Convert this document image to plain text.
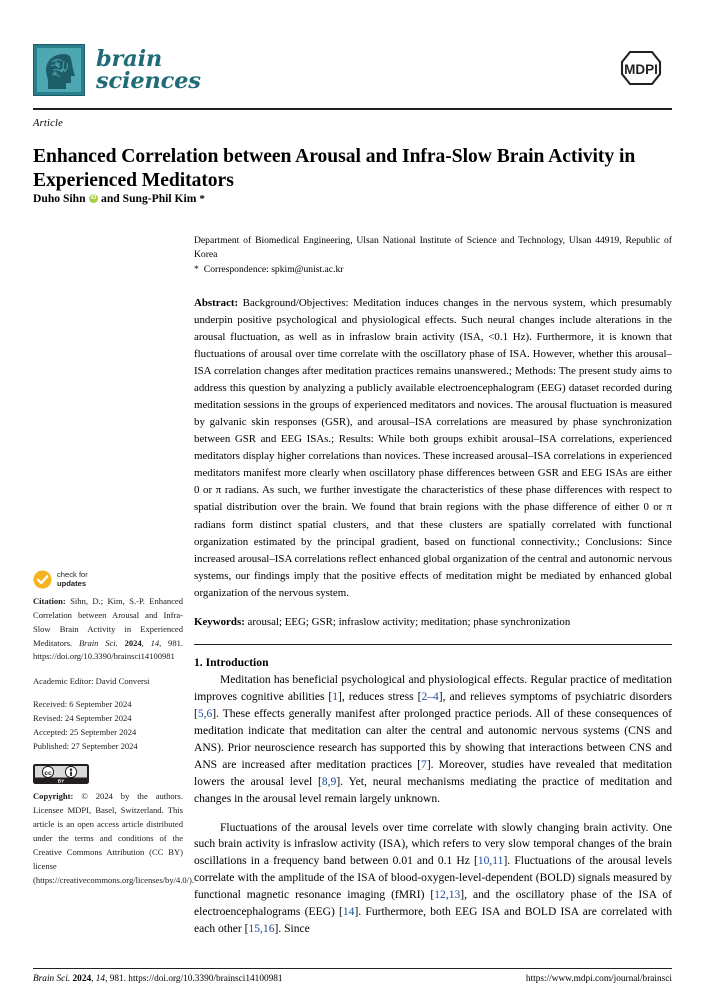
brain
sciences	MDPI
Article
Enhanced Correlation between Arousal and Infra-Slow Brain Activity in Experienced Meditators
Duho Sihn iD and Sung-Phil Kim *
Department of Biomedical Engineering, Ulsan National Institute of Science and Technology, Ulsan 44919, Republic of Korea
* Correspondence: spkim@unist.ac.kr
Abstract: Background/Objectives: Meditation induces changes in the nervous system, which presumably underpin positive psychological and physiological effects. Such neural changes include alterations in the arousal fluctuation, as well as in infraslow brain activity (ISA, <0.1 Hz). Furthermore, it is known that fluctuations of arousal over time correlate with the oscillatory phase of ISA. However, whether this arousal–ISA correlation changes after meditation practices remains unanswered.; Methods: The present study aims to address this question by analyzing a publicly available electroencephalogram (EEG) dataset recorded during meditation sessions in the groups of experienced meditators and novices. The arousal fluctuation is measured by galvanic skin responses (GSR), and arousal–ISA correlations are measured by phase synchronization between GSR and EEG ISAs.; Results: While both groups exhibit arousal–ISA correlations, experienced meditators display higher correlations than novices. These increased arousal–ISA correlations in experienced meditators manifest more clearly when oscillatory phase differences between GSR and EEG ISAs are either 0 or π radians. As such, we further investigate the characteristics of these phase differences with respect to spatial distribution over the brain. We found that brain regions with the phase difference of either 0 or π radians form distinct spatial clusters, and that these clusters are spatially correlated with functional organization estimated by the principal gradient, based on functional connectivity.; Conclusions: Since increased arousal–ISA correlations reflect enhanced global organization of the central and autonomic nervous systems, our findings imply that the positive effects of meditation might be mediated by enhanced global organization of the nervous system.
Keywords: arousal; EEG; GSR; infraslow activity; meditation; phase synchronization
1. Introduction

Meditation has beneficial psychological and physiological effects. Regular practice of meditation improves cognitive abilities [1], reduces stress [2–4], and relieves symptoms of psychiatric disorders [5,6]. These effects generally manifest after prolonged practice periods. All of these consequences of meditation indicate that meditation can alter the central and autonomic nervous systems (CNS and ANS). Prior neuroscience research has supported this by showing that interactions between CNS and ANS are increased after meditation practices [7]. Moreover, studies have revealed that meditation lowers the arousal level [8,9]. Yet, neural mechanisms mediating the practice of meditation and changes in the arousal level remain largely unknown.

Fluctuations of the arousal levels over time correlate with slowly changing brain activity. One such brain activity is infraslow activity (ISA), which refers to very slow temporal changes of the brain oscillations in a frequency band between 0.01 and 0.1 Hz [10,11]. Fluctuations of the arousal levels correlate with the amplitude of the ISA of blood-oxygen-level-dependent (BOLD) signals measured by functional magnetic resonance imaging (fMRI) [12,13], and the oscillatory phase of the ISA of electroencephalograms (EEG) [14]. Furthermore, both EEG ISA and BOLD ISA are correlated with each other [15,16]. Since

check for
updates
Citation: Sihn, D.; Kim, S.-P. Enhanced Correlation between Arousal and Infra-Slow Brain Activity in Experienced Meditators. Brain Sci. 2024, 14, 981. https://doi.org/10.3390/brainsci14100981
Academic Editor: David Conversi
Received: 6 September 2024
Revised: 24 September 2024
Accepted: 25 September 2024
Published: 27 September 2024
cc
BY
Copyright: © 2024 by the authors. Licensee MDPI, Basel, Switzerland. This article is an open access article distributed under the terms and conditions of the Creative Commons Attribution (CC BY) license (https://creativecommons.org/licenses/by/4.0/).
Brain Sci. 2024, 14, 981. https://doi.org/10.3390/brainsci14100981	https://www.mdpi.com/journal/brainsci
